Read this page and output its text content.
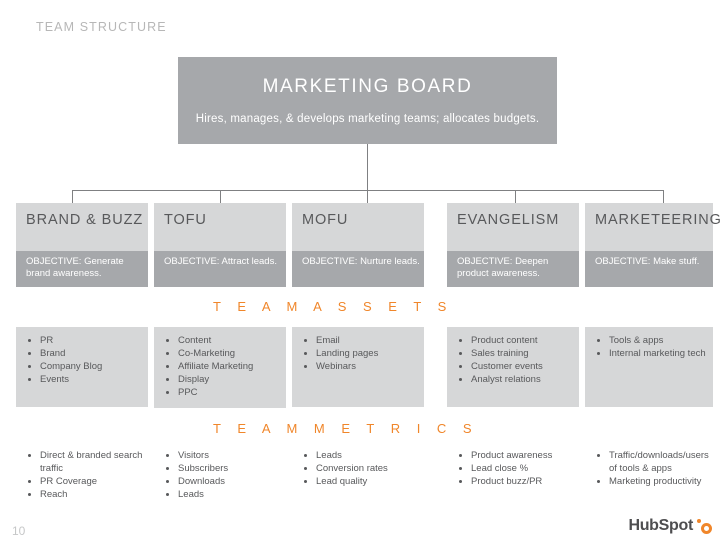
TEAM STRUCTURE
MARKETING BOARD
Hires, manages, & develops marketing teams; allocates budgets.
BRAND & BUZZ
OBJECTIVE: Generate brand awareness.
TOFU
OBJECTIVE: Attract leads.
MOFU
OBJECTIVE: Nurture leads.
EVANGELISM
OBJECTIVE: Deepen product awareness.
MARKETEERING
OBJECTIVE: Make stuff.
T E A M A S S E T S
• PR
• Brand
• Company Blog
• Events
• Content
• Co-Marketing
• Affiliate Marketing
• Display
• PPC
• Email
• Landing pages
• Webinars
• Product content
• Sales training
• Customer events
• Analyst relations
• Tools & apps
• Internal marketing tech
T E A M M E T R I C S
• Direct & branded search traffic
• PR Coverage
• Reach
• Visitors
• Subscribers
• Downloads
• Leads
• Leads
• Conversion rates
• Lead quality
• Product awareness
• Lead close %
• Product buzz/PR
• Traffic/downloads/users of tools & apps
• Marketing productivity
10	HubSpot
